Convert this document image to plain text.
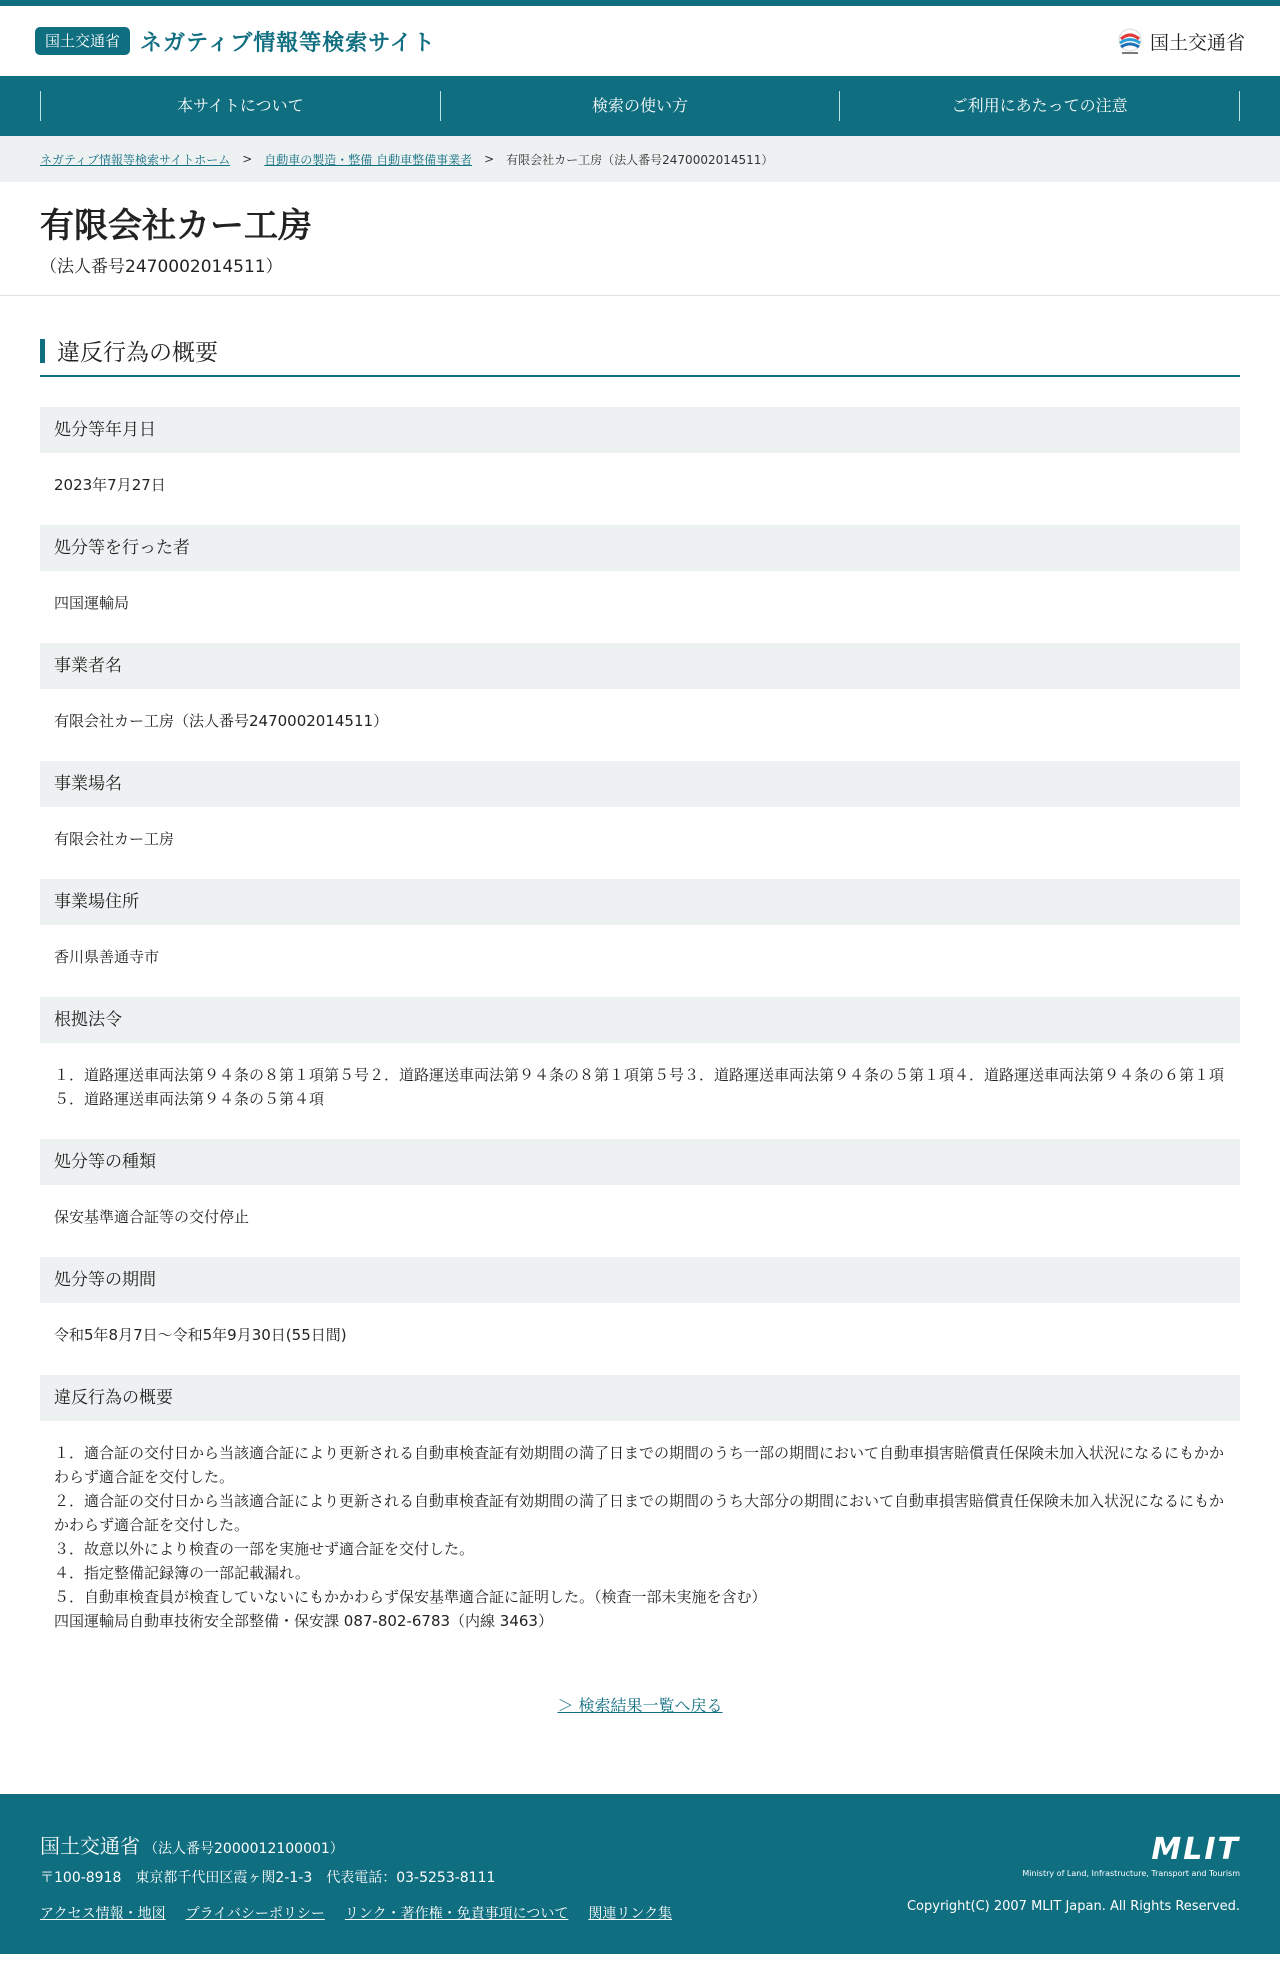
国土交通省 ネガティブ情報等検索サイト	国土交通省
本サイトについて	検索の使い方	ご利用にあたっての注意
ネガティブ情報等検索サイトホーム > 自動車の製造・整備 自動車整備事業者 > 有限会社カー工房（法人番号2470002014511）
有限会社カー工房
（法人番号2470002014511）
違反行為の概要
処分等年月日
2023年7月27日
処分等を行った者
四国運輸局
事業者名
有限会社カー工房（法人番号2470002014511）
事業場名
有限会社カー工房
事業場住所
香川県善通寺市
根拠法令
１．道路運送車両法第９４条の８第１項第５号２．道路運送車両法第９４条の８第１項第５号３．道路運送車両法第９４条の５第１項４．道路運送車両法第９４条の６第１項５．道路運送車両法第９４条の５第４項
処分等の種類
保安基準適合証等の交付停止
処分等の期間
令和5年8月7日～令和5年9月30日(55日間)
違反行為の概要

１．適合証の交付日から当該適合証により更新される自動車検査証有効期間の満了日までの期間のうち一部の期間において自動車損害賠償責任保険未加入状況になるにもかかわらず適合証を交付した。

２．適合証の交付日から当該適合証により更新される自動車検査証有効期間の満了日までの期間のうち大部分の期間において自動車損害賠償責任保険未加入状況になるにもかかわらず適合証を交付した。

３．故意以外により検査の一部を実施せず適合証を交付した。

４．指定整備記録簿の一部記載漏れ。

５．自動車検査員が検査していないにもかかわらず保安基準適合証に証明した。（検査一部未実施を含む）

四国運輸局自動車技術安全部整備・保安課 087-802-6783（内線 3463）

＞ 検索結果一覧へ戻る
国土交通省 （法人番号2000012100001）
〒100-8918　東京都千代田区霞ヶ関2-1-3　代表電話：03-5253-8111
アクセス情報・地図 プライバシーポリシー リンク・著作権・免責事項について 関連リンク集
MLIT
Ministry of Land, Infrastructure, Transport and Tourism
Copyright(C) 2007 MLIT Japan. All Rights Reserved.
